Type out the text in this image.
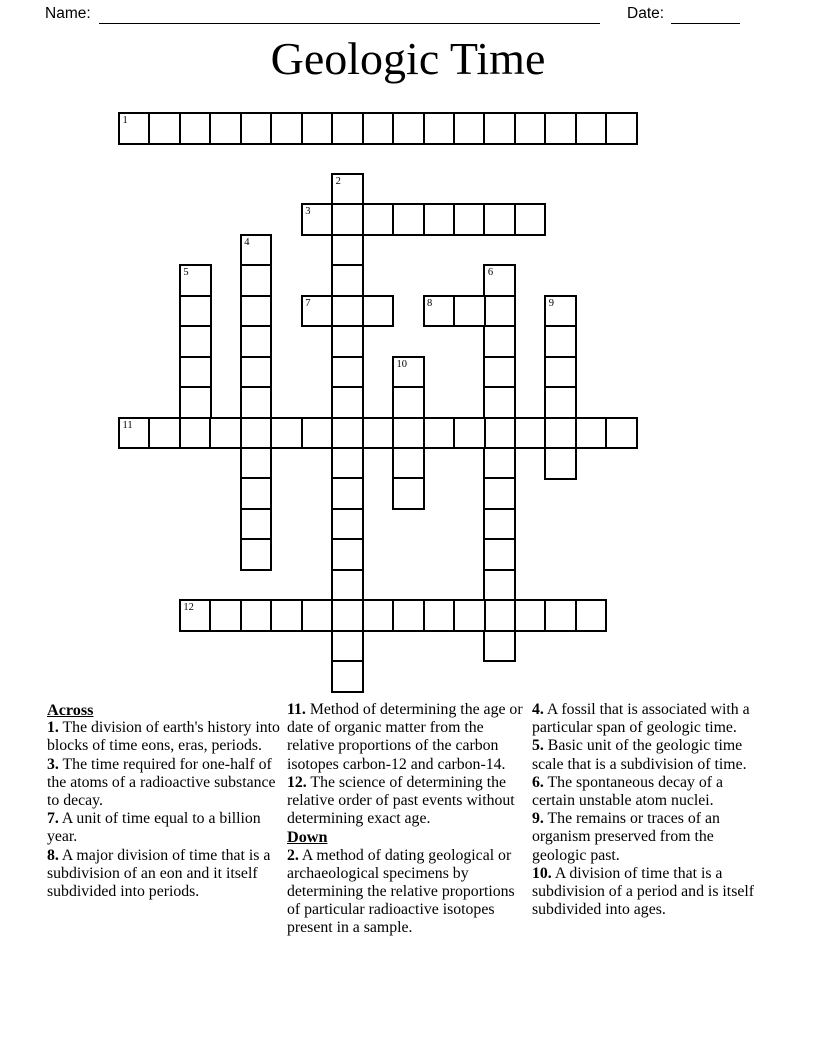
Name:	Date:
Geologic Time
1
2
3
4
5	6
7	8	9
10
11
12
Across

1. The division of earth's history into blocks of time eons, eras, periods.

3. The time required for one-half of the atoms of a radioactive substance to decay.

7. A unit of time equal to a billion year.

8. A major division of time that is a subdivision of an eon and it itself subdivided into periods.

11. Method of determining the age or date of organic matter from the relative proportions of the carbon isotopes carbon-12 and carbon-14.

12. The science of determining the relative order of past events without determining exact age.

Down

2. A method of dating geological or archaeological specimens by determining the relative proportions of particular radioactive isotopes present in a sample.

4. A fossil that is associated with a particular span of geologic time.

5. Basic unit of the geologic time scale that is a subdivision of time.

6. The spontaneous decay of a certain unstable atom nuclei.

9. The remains or traces of an organism preserved from the geologic past.

10. A division of time that is a subdivision of a period and is itself subdivided into ages.
